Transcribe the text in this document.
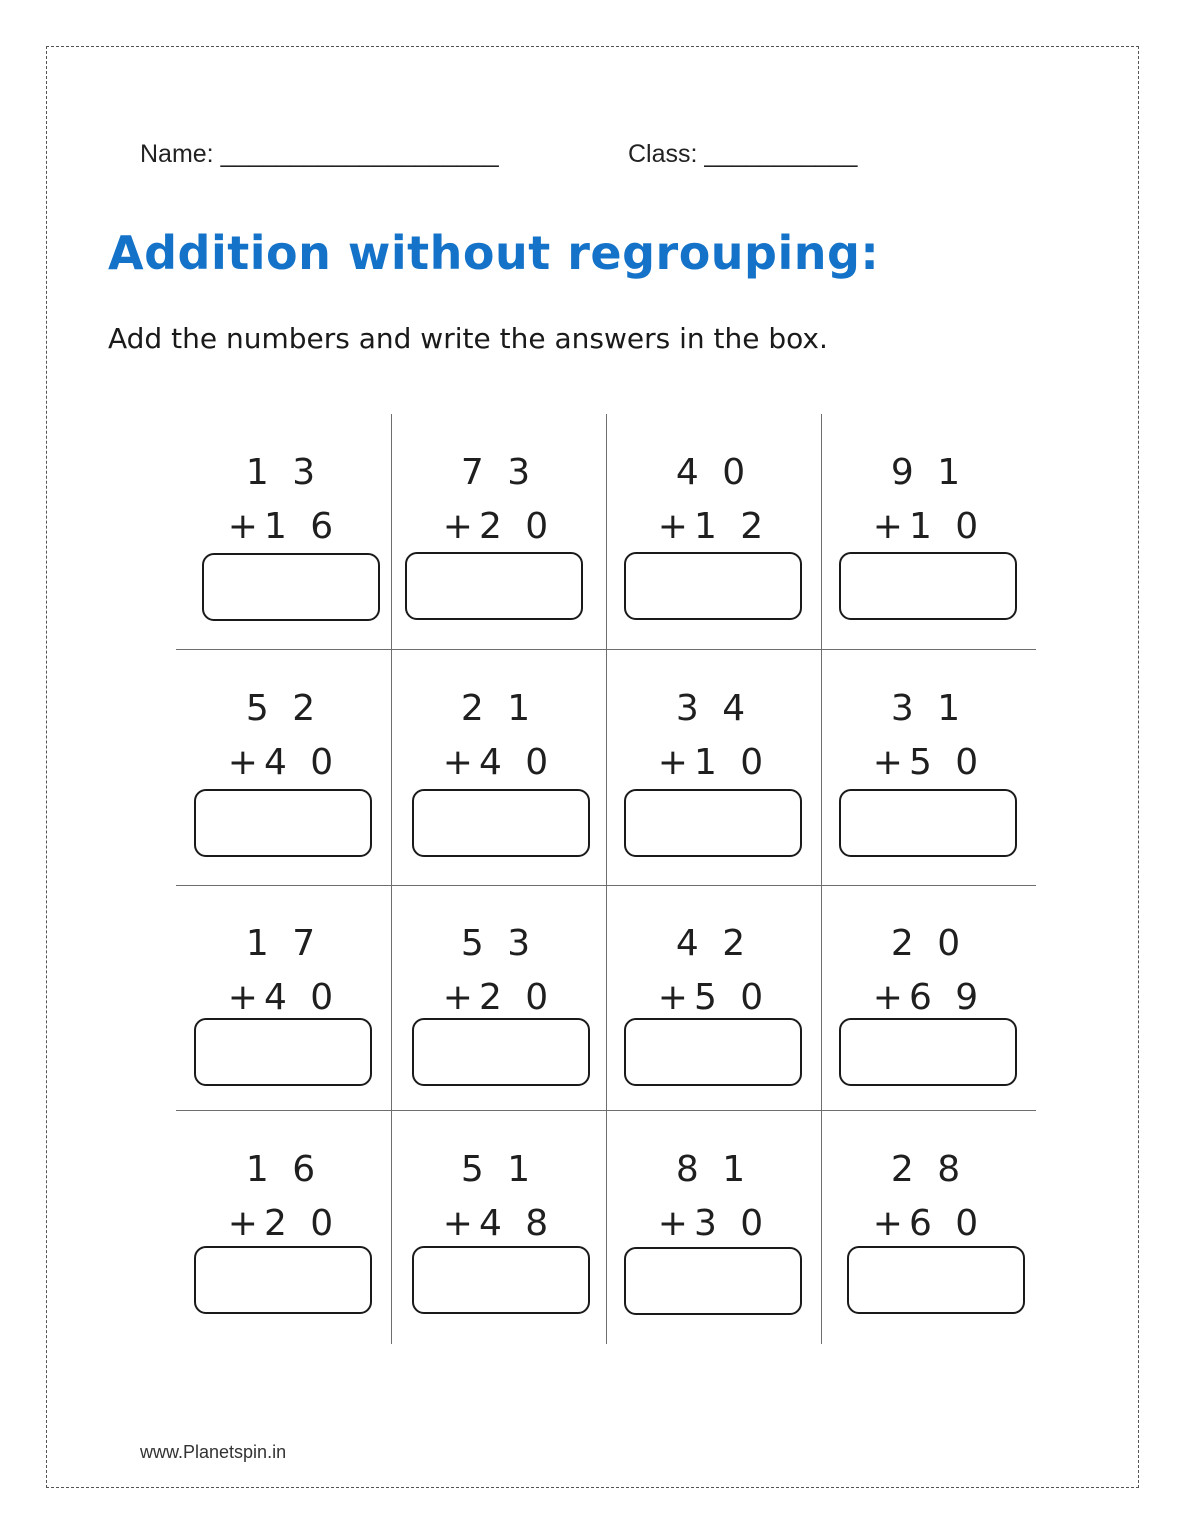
Name: ____________________	Class: ___________
Addition without regrouping:
Add the numbers and write the answers in the box.
1 3
+1 6
7 3
+2 0
4 0
+1 2
9 1
+1 0
5 2
+4 0
2 1
+4 0
3 4
+1 0
3 1
+5 0
1 7
+4 0
5 3
+2 0
4 2
+5 0
2 0
+6 9
1 6
+2 0
5 1
+4 8
8 1
+3 0
2 8
+6 0
www.Planetspin.in
